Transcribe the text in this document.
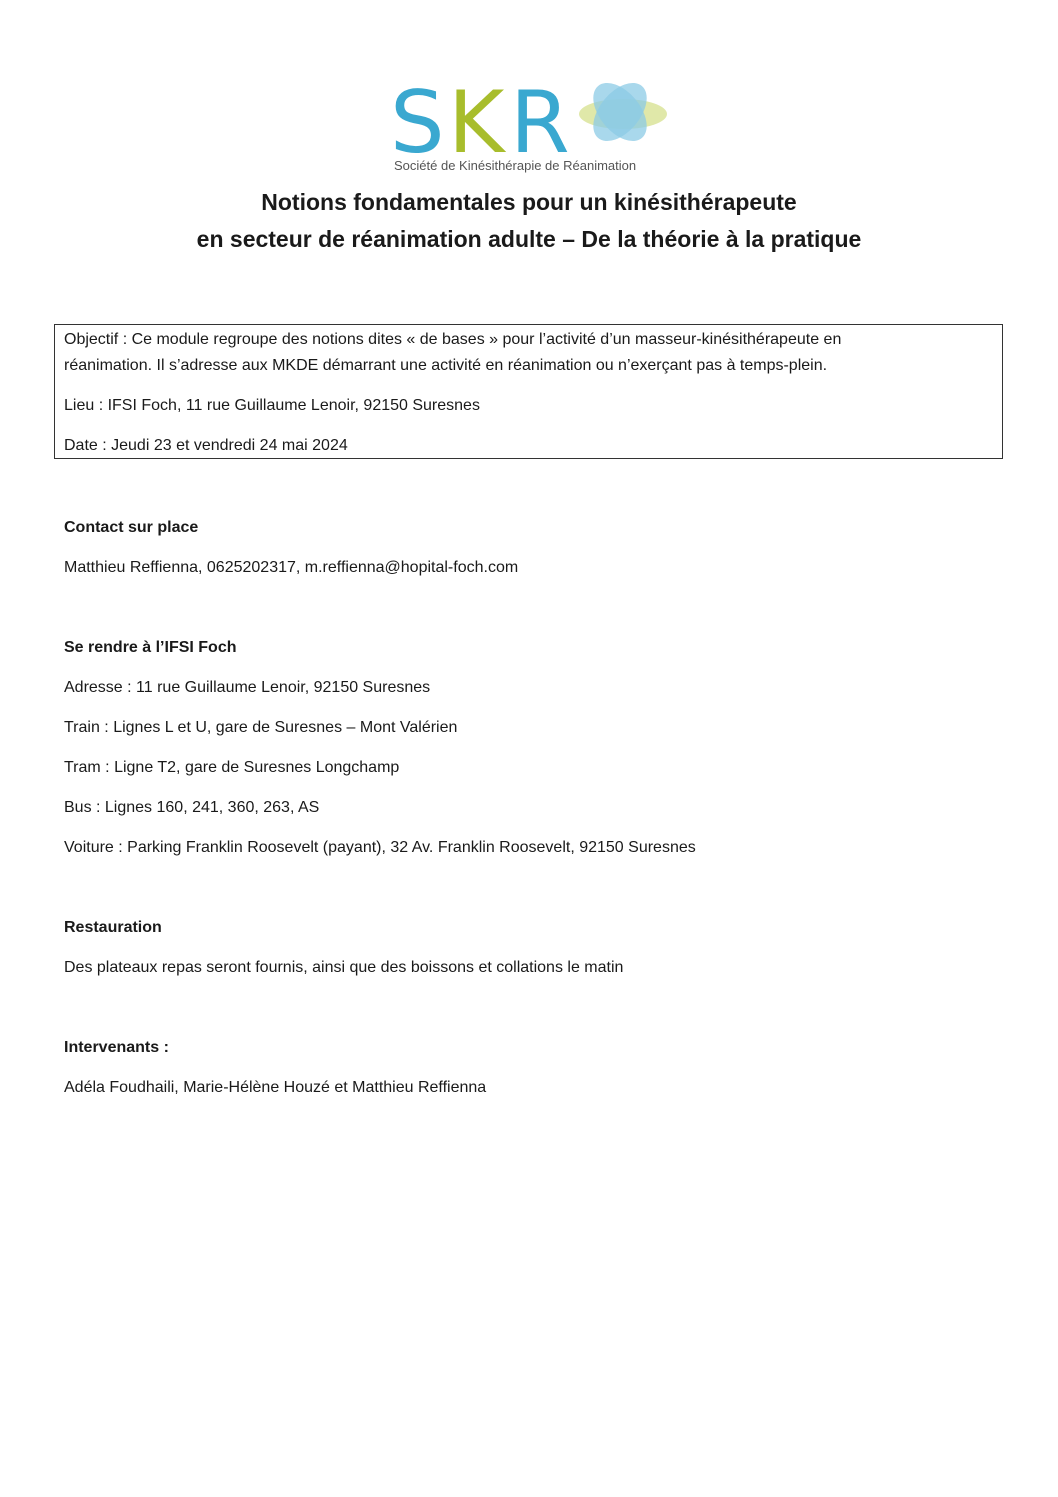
S K R
Société de Kinésithérapie de Réanimation
Notions fondamentales pour un kinésithérapeute
en secteur de réanimation adulte – De la théorie à la pratique

Objectif : Ce module regroupe des notions dites « de bases » pour l’activité d’un masseur-kinésithérapeute en

réanimation. Il s’adresse aux MKDE démarrant une activité en réanimation ou n’exerçant pas à temps-plein.

Lieu : IFSI Foch, 11 rue Guillaume Lenoir, 92150 Suresnes

Date : Jeudi 23 et vendredi 24 mai 2024

Contact sur place

Matthieu Reffienna, 0625202317, m.reffienna@hopital-foch.com

Se rendre à l’IFSI Foch

Adresse : 11 rue Guillaume Lenoir, 92150 Suresnes

Train : Lignes L et U, gare de Suresnes – Mont Valérien

Tram : Ligne T2, gare de Suresnes Longchamp

Bus : Lignes 160, 241, 360, 263, AS

Voiture : Parking Franklin Roosevelt (payant), 32 Av. Franklin Roosevelt, 92150 Suresnes

Restauration

Des plateaux repas seront fournis, ainsi que des boissons et collations le matin

Intervenants :

Adéla Foudhaili, Marie-Hélène Houzé et Matthieu Reffienna
